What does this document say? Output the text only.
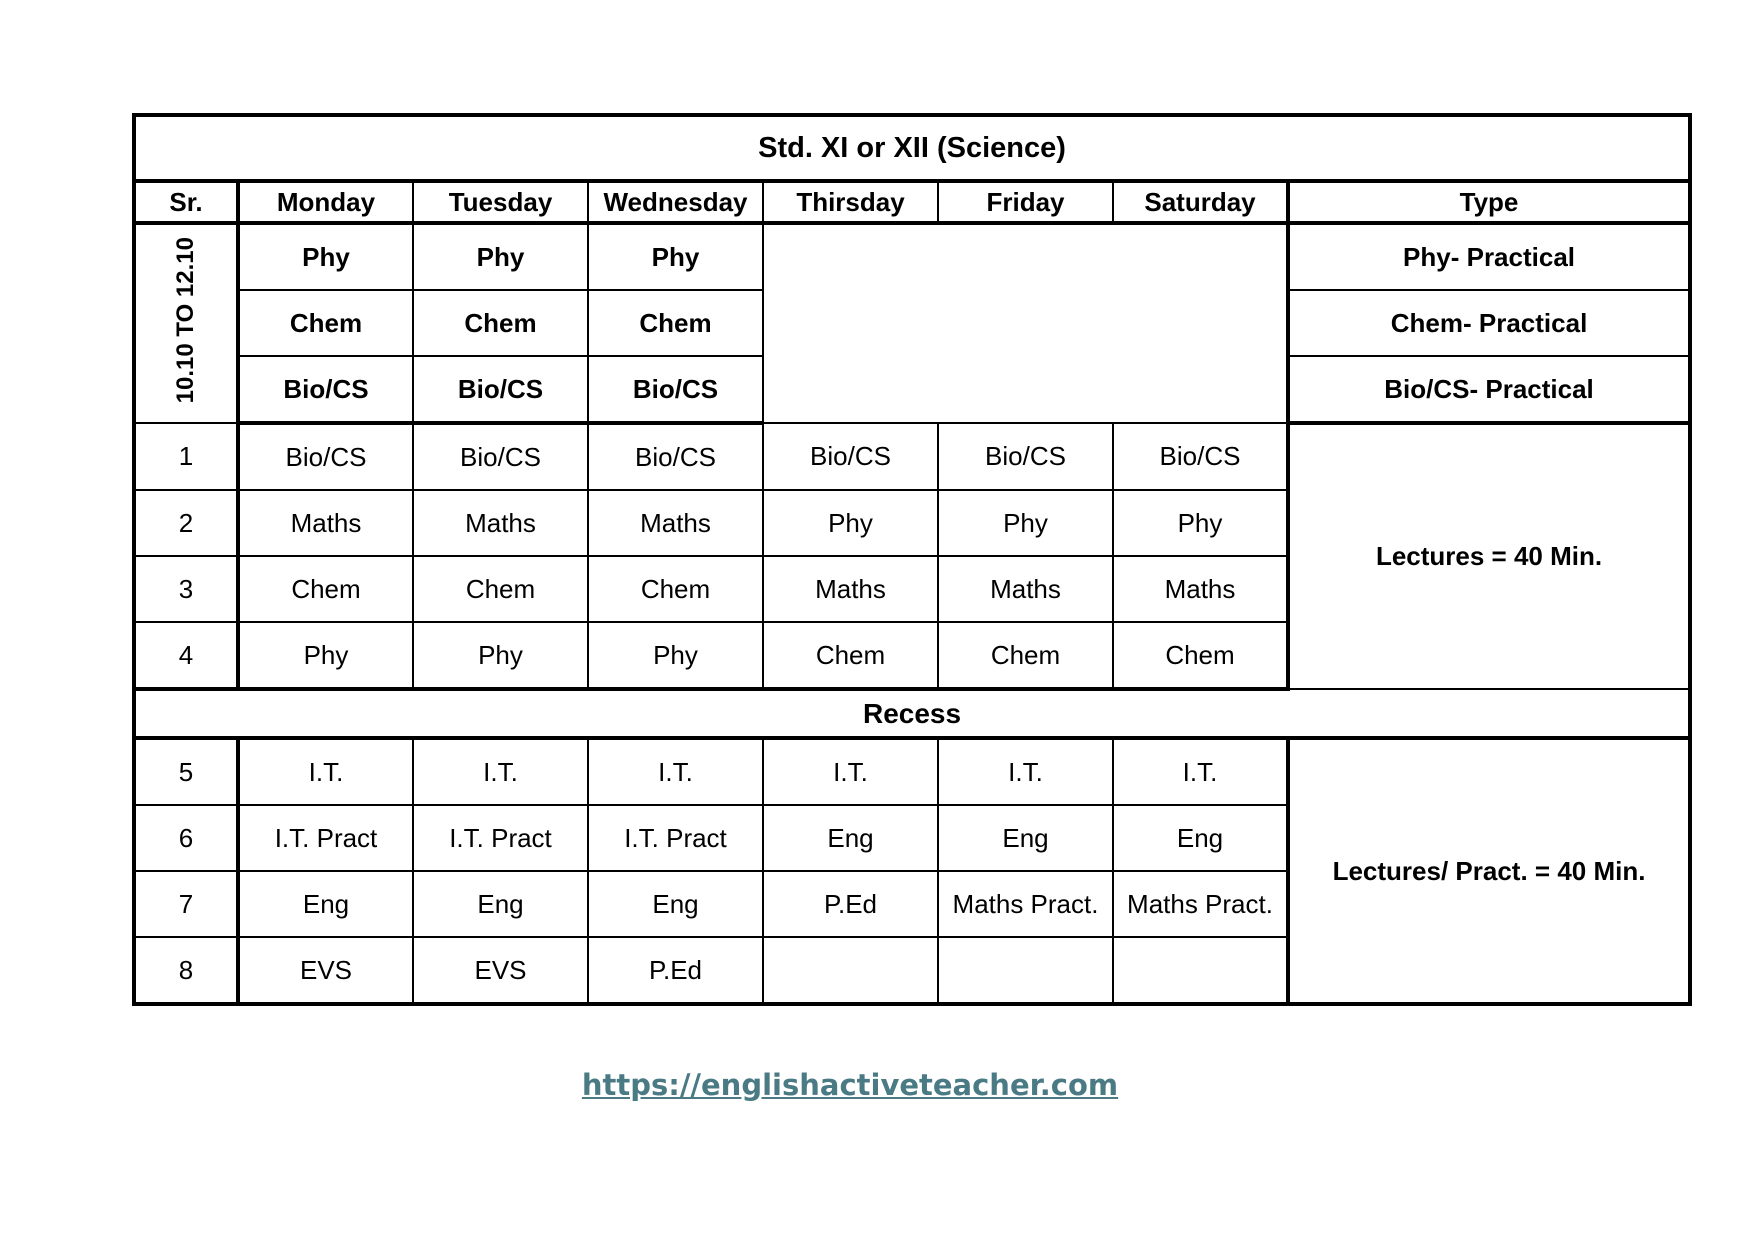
Std. XI or XII (Science)							
Sr.	Monday	Tuesday	Wednesday	Thirsday	Friday	Saturday	Type
10.10 TO 12.10	Phy	Phy	Phy				Phy- Practical
	Chem	Chem	Chem				Chem- Practical
	Bio/CS	Bio/CS	Bio/CS				Bio/CS- Practical
1	Bio/CS	Bio/CS	Bio/CS	Bio/CS	Bio/CS	Bio/CS	Lectures = 40 Min.
2	Maths	Maths	Maths	Phy	Phy	Phy	
3	Chem	Chem	Chem	Maths	Maths	Maths	
4	Phy	Phy	Phy	Chem	Chem	Chem	
Recess							
5	I.T.	I.T.	I.T.	I.T.	I.T.	I.T.	Lectures/ Pract. = 40 Min.
6	I.T. Pract	I.T. Pract	I.T. Pract	Eng	Eng	Eng	
7	Eng	Eng	Eng	P.Ed	Maths Pract.	Maths Pract.	
8	EVS	EVS	P.Ed				
https://englishactiveteacher.com
